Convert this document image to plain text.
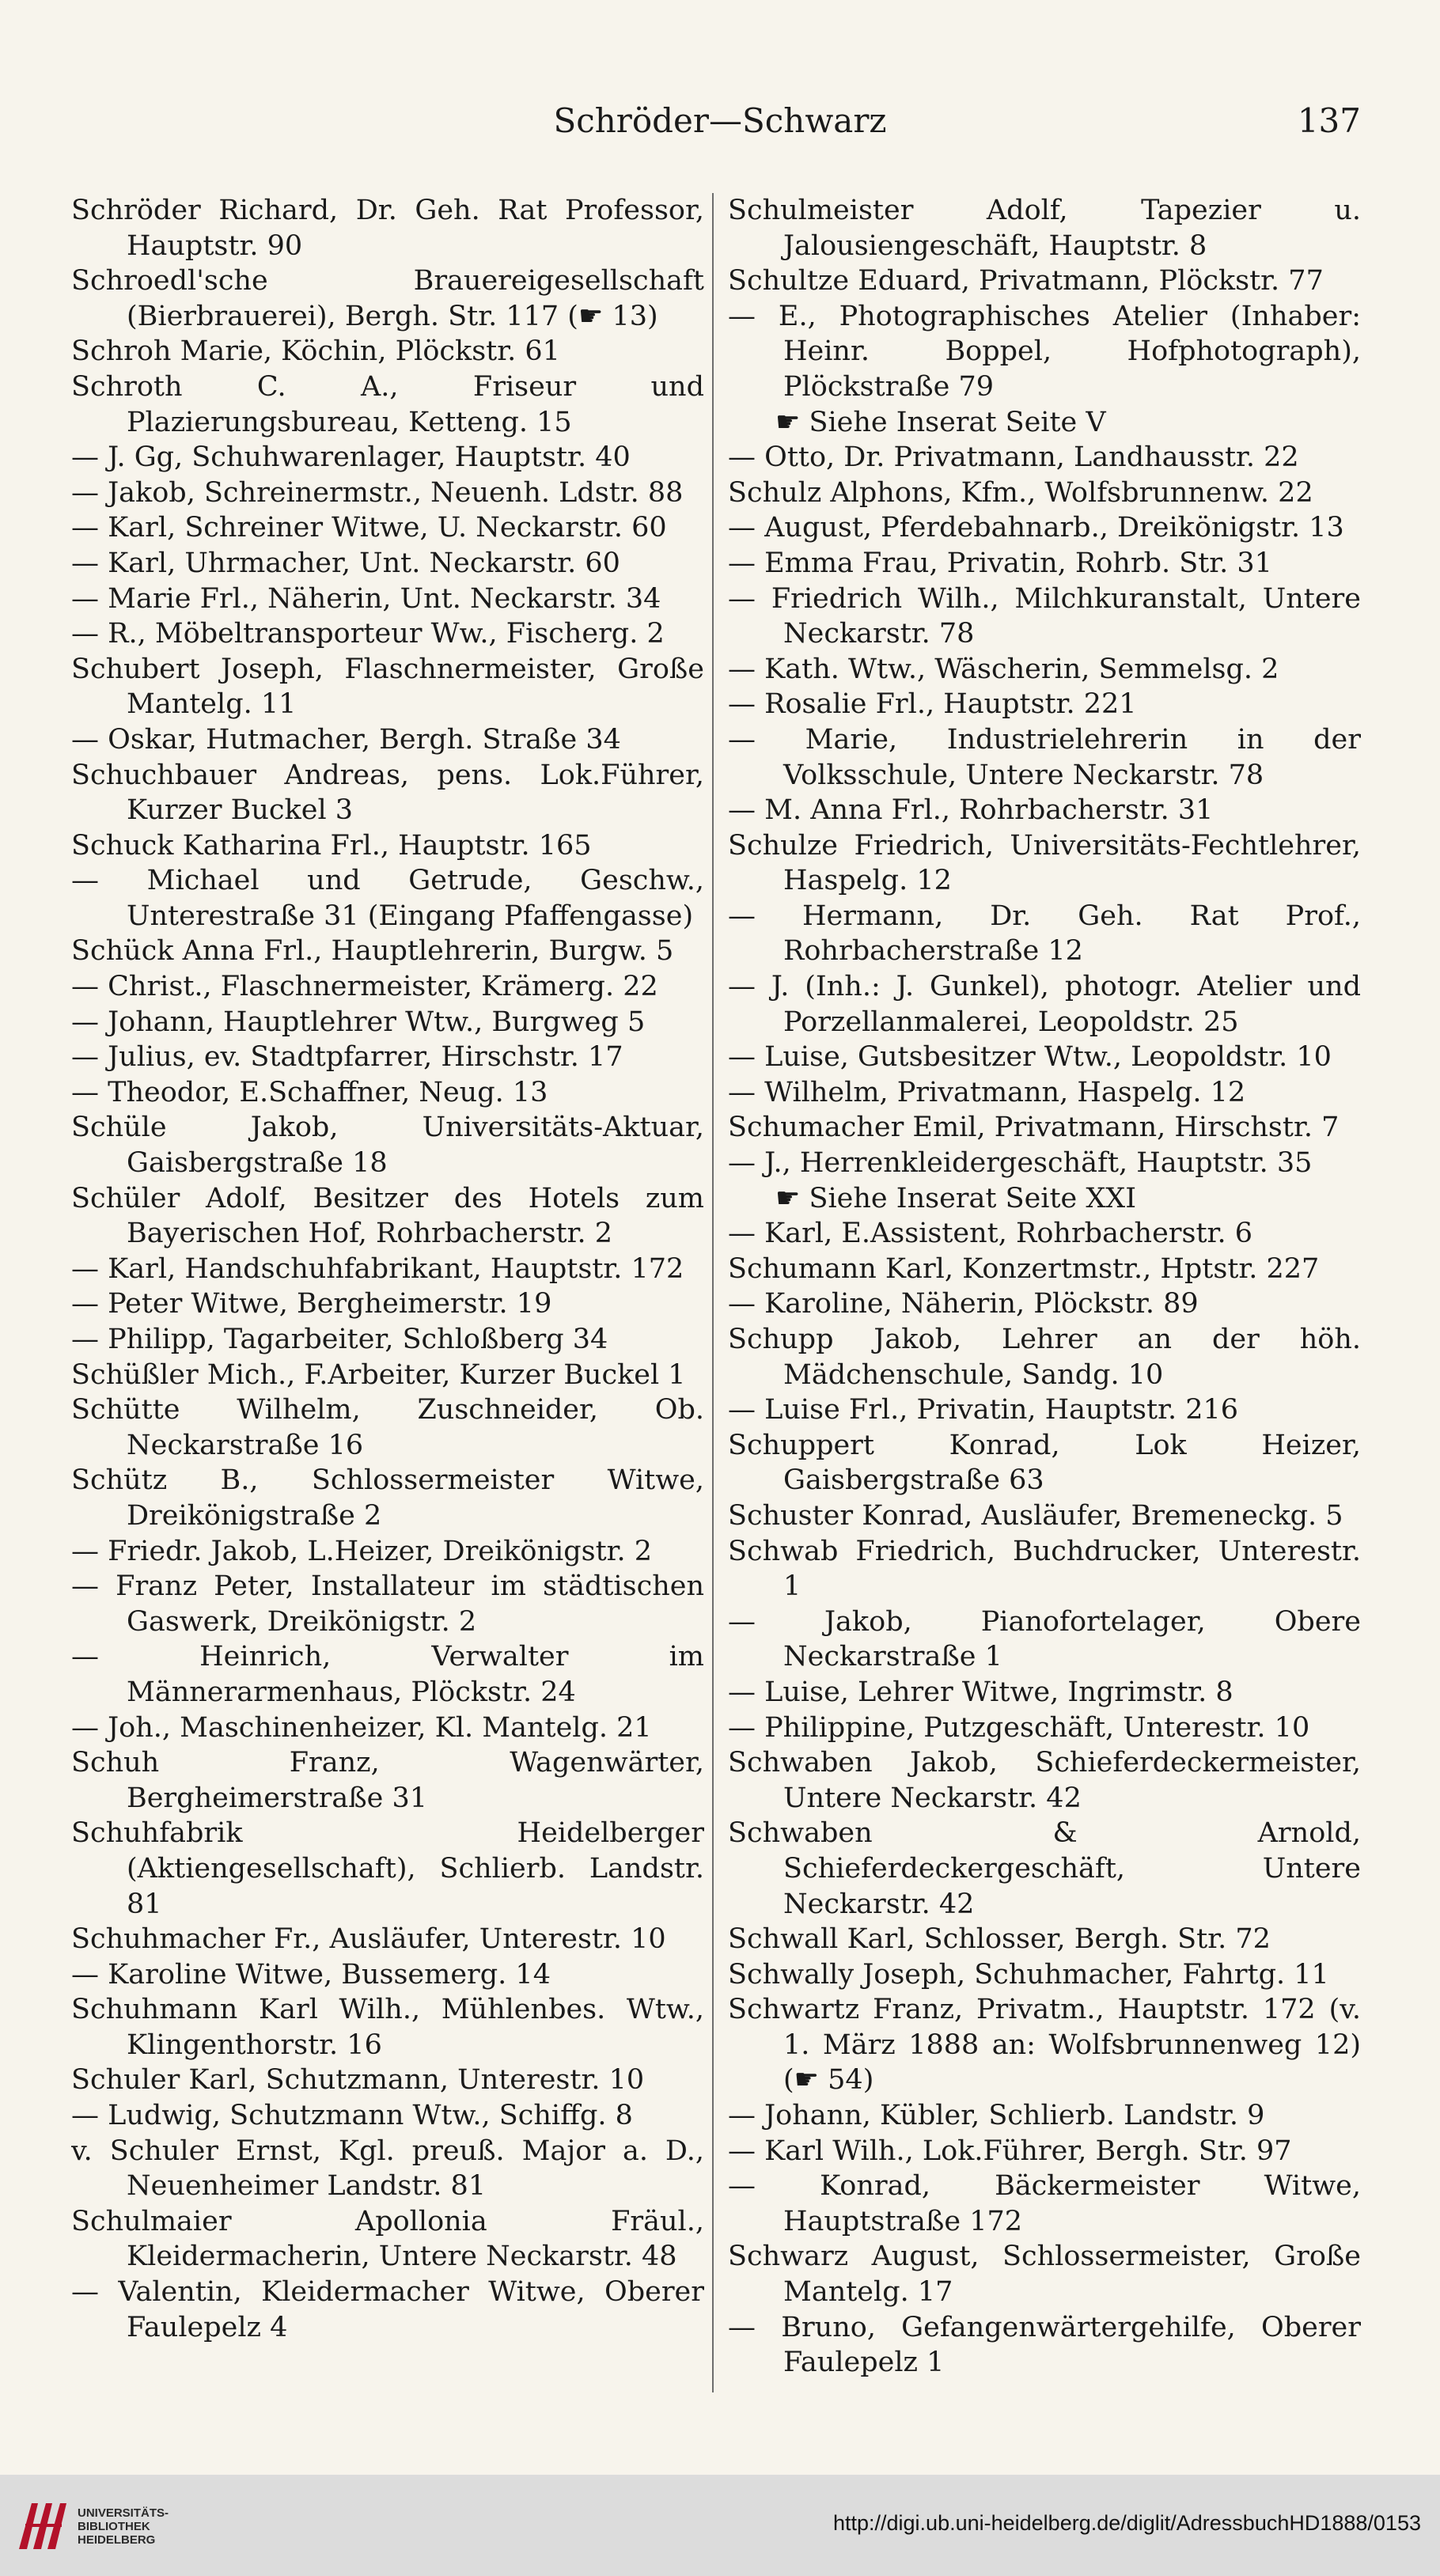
Schröder—Schwarz	137
Schröder Richard, Dr. Geh. Rat Professor, Hauptstr. 90
Schroedl'sche Brauereigesellschaft (Bierbrauerei), Bergh. Str. 117 (☛ 13)
Schroh Marie, Köchin, Plöckstr. 61
Schroth C. A., Friseur und Plazierungsbureau, Ketteng. 15
— J. Gg, Schuhwarenlager, Hauptstr. 40
— Jakob, Schreinermstr., Neuenh. Ldstr. 88
— Karl, Schreiner Witwe, U. Neckarstr. 60
— Karl, Uhrmacher, Unt. Neckarstr. 60
— Marie Frl., Näherin, Unt. Neckarstr. 34
— R., Möbeltransporteur Ww., Fischerg. 2
Schubert Joseph, Flaschnermeister, Große Mantelg. 11
— Oskar, Hutmacher, Bergh. Straße 34
Schuchbauer Andreas, pens. Lok.Führer, Kurzer Buckel 3
Schuck Katharina Frl., Hauptstr. 165
— Michael und Getrude, Geschw., Unterestraße 31 (Eingang Pfaffengasse)
Schück Anna Frl., Hauptlehrerin, Burgw. 5
— Christ., Flaschnermeister, Krämerg. 22
— Johann, Hauptlehrer Wtw., Burgweg 5
— Julius, ev. Stadtpfarrer, Hirschstr. 17
— Theodor, E.Schaffner, Neug. 13
Schüle Jakob, Universitäts-Aktuar, Gaisbergstraße 18
Schüler Adolf, Besitzer des Hotels zum Bayerischen Hof, Rohrbacherstr. 2
— Karl, Handschuhfabrikant, Hauptstr. 172
— Peter Witwe, Bergheimerstr. 19
— Philipp, Tagarbeiter, Schloßberg 34
Schüßler Mich., F.Arbeiter, Kurzer Buckel 1
Schütte Wilhelm, Zuschneider, Ob. Neckarstraße 16
Schütz B., Schlossermeister Witwe, Dreikönigstraße 2
— Friedr. Jakob, L.Heizer, Dreikönigstr. 2
— Franz Peter, Installateur im städtischen Gaswerk, Dreikönigstr. 2
— Heinrich, Verwalter im Männerarmenhaus, Plöckstr. 24
— Joh., Maschinenheizer, Kl. Mantelg. 21
Schuh Franz, Wagenwärter, Bergheimerstraße 31
Schuhfabrik Heidelberger (Aktiengesellschaft), Schlierb. Landstr. 81
Schuhmacher Fr., Ausläufer, Unterestr. 10
— Karoline Witwe, Bussemerg. 14
Schuhmann Karl Wilh., Mühlenbes. Wtw., Klingenthorstr. 16
Schuler Karl, Schutzmann, Unterestr. 10
— Ludwig, Schutzmann Wtw., Schiffg. 8
v. Schuler Ernst, Kgl. preuß. Major a. D., Neuenheimer Landstr. 81
Schulmaier Apollonia Fräul., Kleidermacherin, Untere Neckarstr. 48
— Valentin, Kleidermacher Witwe, Oberer Faulepelz 4
Schulmeister Adolf, Tapezier u. Jalousiengeschäft, Hauptstr. 8
Schultze Eduard, Privatmann, Plöckstr. 77
— E., Photographisches Atelier (Inhaber: Heinr. Boppel, Hofphotograph), Plöckstraße 79
☛ Siehe Inserat Seite V
— Otto, Dr. Privatmann, Landhausstr. 22
Schulz Alphons, Kfm., Wolfsbrunnenw. 22
— August, Pferdebahnarb., Dreikönigstr. 13
— Emma Frau, Privatin, Rohrb. Str. 31
— Friedrich Wilh., Milchkuranstalt, Untere Neckarstr. 78
— Kath. Wtw., Wäscherin, Semmelsg. 2
— Rosalie Frl., Hauptstr. 221
— Marie, Industrielehrerin in der Volksschule, Untere Neckarstr. 78
— M. Anna Frl., Rohrbacherstr. 31
Schulze Friedrich, Universitäts-Fechtlehrer, Haspelg. 12
— Hermann, Dr. Geh. Rat Prof., Rohrbacherstraße 12
— J. (Inh.: J. Gunkel), photogr. Atelier und Porzellanmalerei, Leopoldstr. 25
— Luise, Gutsbesitzer Wtw., Leopoldstr. 10
— Wilhelm, Privatmann, Haspelg. 12
Schumacher Emil, Privatmann, Hirschstr. 7
— J., Herrenkleidergeschäft, Hauptstr. 35
☛ Siehe Inserat Seite XXI
— Karl, E.Assistent, Rohrbacherstr. 6
Schumann Karl, Konzertmstr., Hptstr. 227
— Karoline, Näherin, Plöckstr. 89
Schupp Jakob, Lehrer an der höh. Mädchenschule, Sandg. 10
— Luise Frl., Privatin, Hauptstr. 216
Schuppert Konrad, Lok Heizer, Gaisbergstraße 63
Schuster Konrad, Ausläufer, Bremeneckg. 5
Schwab Friedrich, Buchdrucker, Unterestr. 1
— Jakob, Pianofortelager, Obere Neckarstraße 1
— Luise, Lehrer Witwe, Ingrimstr. 8
— Philippine, Putzgeschäft, Unterestr. 10
Schwaben Jakob, Schieferdeckermeister, Untere Neckarstr. 42
Schwaben & Arnold, Schieferdeckergeschäft, Untere Neckarstr. 42
Schwall Karl, Schlosser, Bergh. Str. 72
Schwally Joseph, Schuhmacher, Fahrtg. 11
Schwartz Franz, Privatm., Hauptstr. 172 (v. 1. März 1888 an: Wolfsbrunnenweg 12) (☛ 54)
— Johann, Kübler, Schlierb. Landstr. 9
— Karl Wilh., Lok.Führer, Bergh. Str. 97
— Konrad, Bäckermeister Witwe, Hauptstraße 172
Schwarz August, Schlossermeister, Große Mantelg. 17
— Bruno, Gefangenwärtergehilfe, Oberer Faulepelz 1
UNIVERSITÄTS-
BIBLIOTHEK
HEIDELBERG
http://digi.ub.uni-heidelberg.de/diglit/AdressbuchHD1888/0153
